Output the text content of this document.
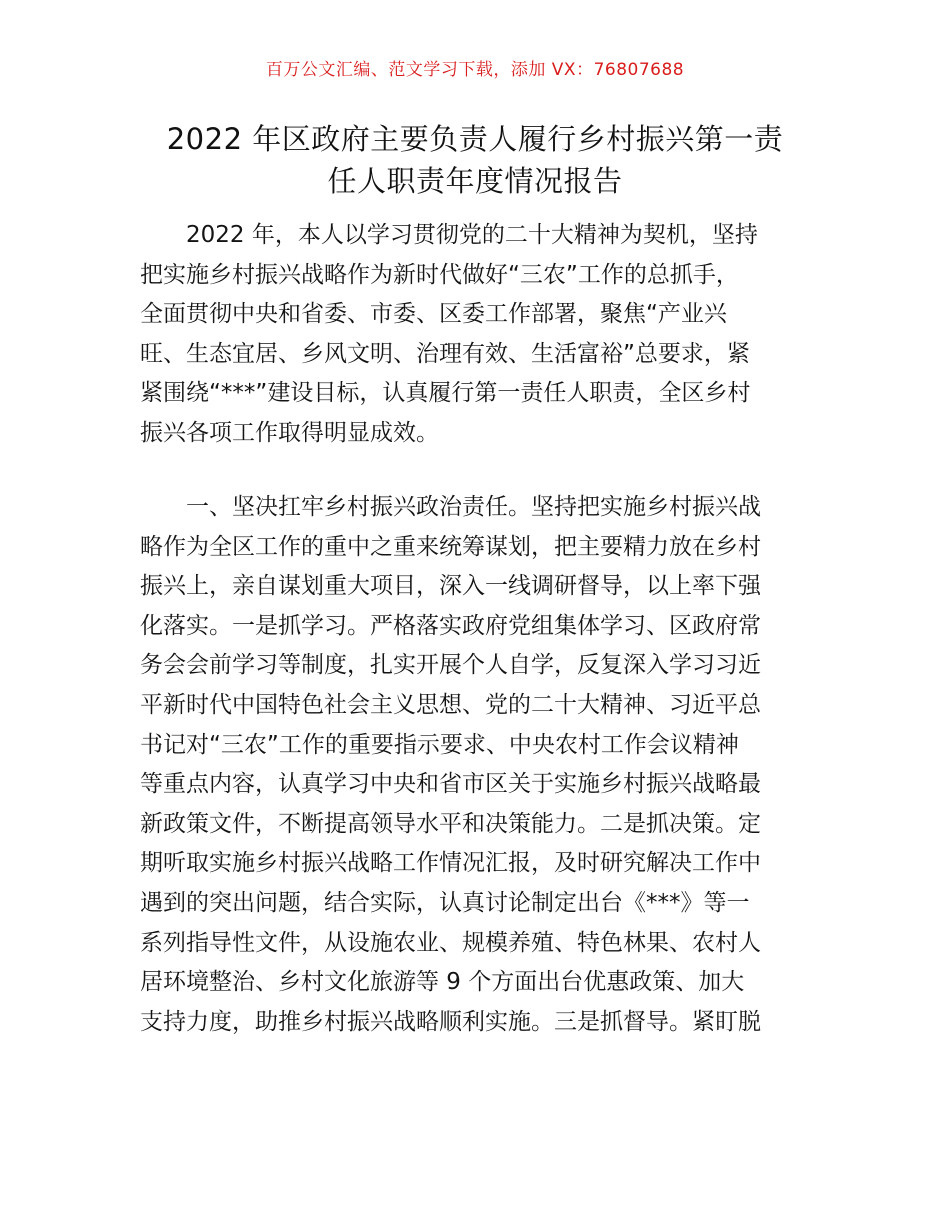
百万公文汇编、范文学习下载，添加 VX：76807688
2022 年区政府主要负责人履行乡村振兴第一责
任人职责年度情况报告
2022 年，本人以学习贯彻党的二十大精神为契机，坚持
把实施乡村振兴战略作为新时代做好“三农”工作的总抓手，
全面贯彻中央和省委、市委、区委工作部署，聚焦“产业兴
旺、生态宜居、乡风文明、治理有效、生活富裕”总要求，紧
紧围绕“***”建设目标，认真履行第一责任人职责，全区乡村
振兴各项工作取得明显成效。
一、坚决扛牢乡村振兴政治责任。坚持把实施乡村振兴战
略作为全区工作的重中之重来统筹谋划，把主要精力放在乡村
振兴上，亲自谋划重大项目，深入一线调研督导，以上率下强
化落实。一是抓学习。严格落实政府党组集体学习、区政府常
务会会前学习等制度，扎实开展个人自学，反复深入学习习近
平新时代中国特色社会主义思想、党的二十大精神、习近平总
书记对“三农”工作的重要指示要求、中央农村工作会议精神
等重点内容，认真学习中央和省市区关于实施乡村振兴战略最
新政策文件，不断提高领导水平和决策能力。二是抓决策。定
期听取实施乡村振兴战略工作情况汇报，及时研究解决工作中
遇到的突出问题，结合实际，认真讨论制定出台《***》等一
系列指导性文件，从设施农业、规模养殖、特色林果、农村人
居环境整治、乡村文化旅游等 9 个方面出台优惠政策、加大
支持力度，助推乡村振兴战略顺利实施。三是抓督导。紧盯脱
